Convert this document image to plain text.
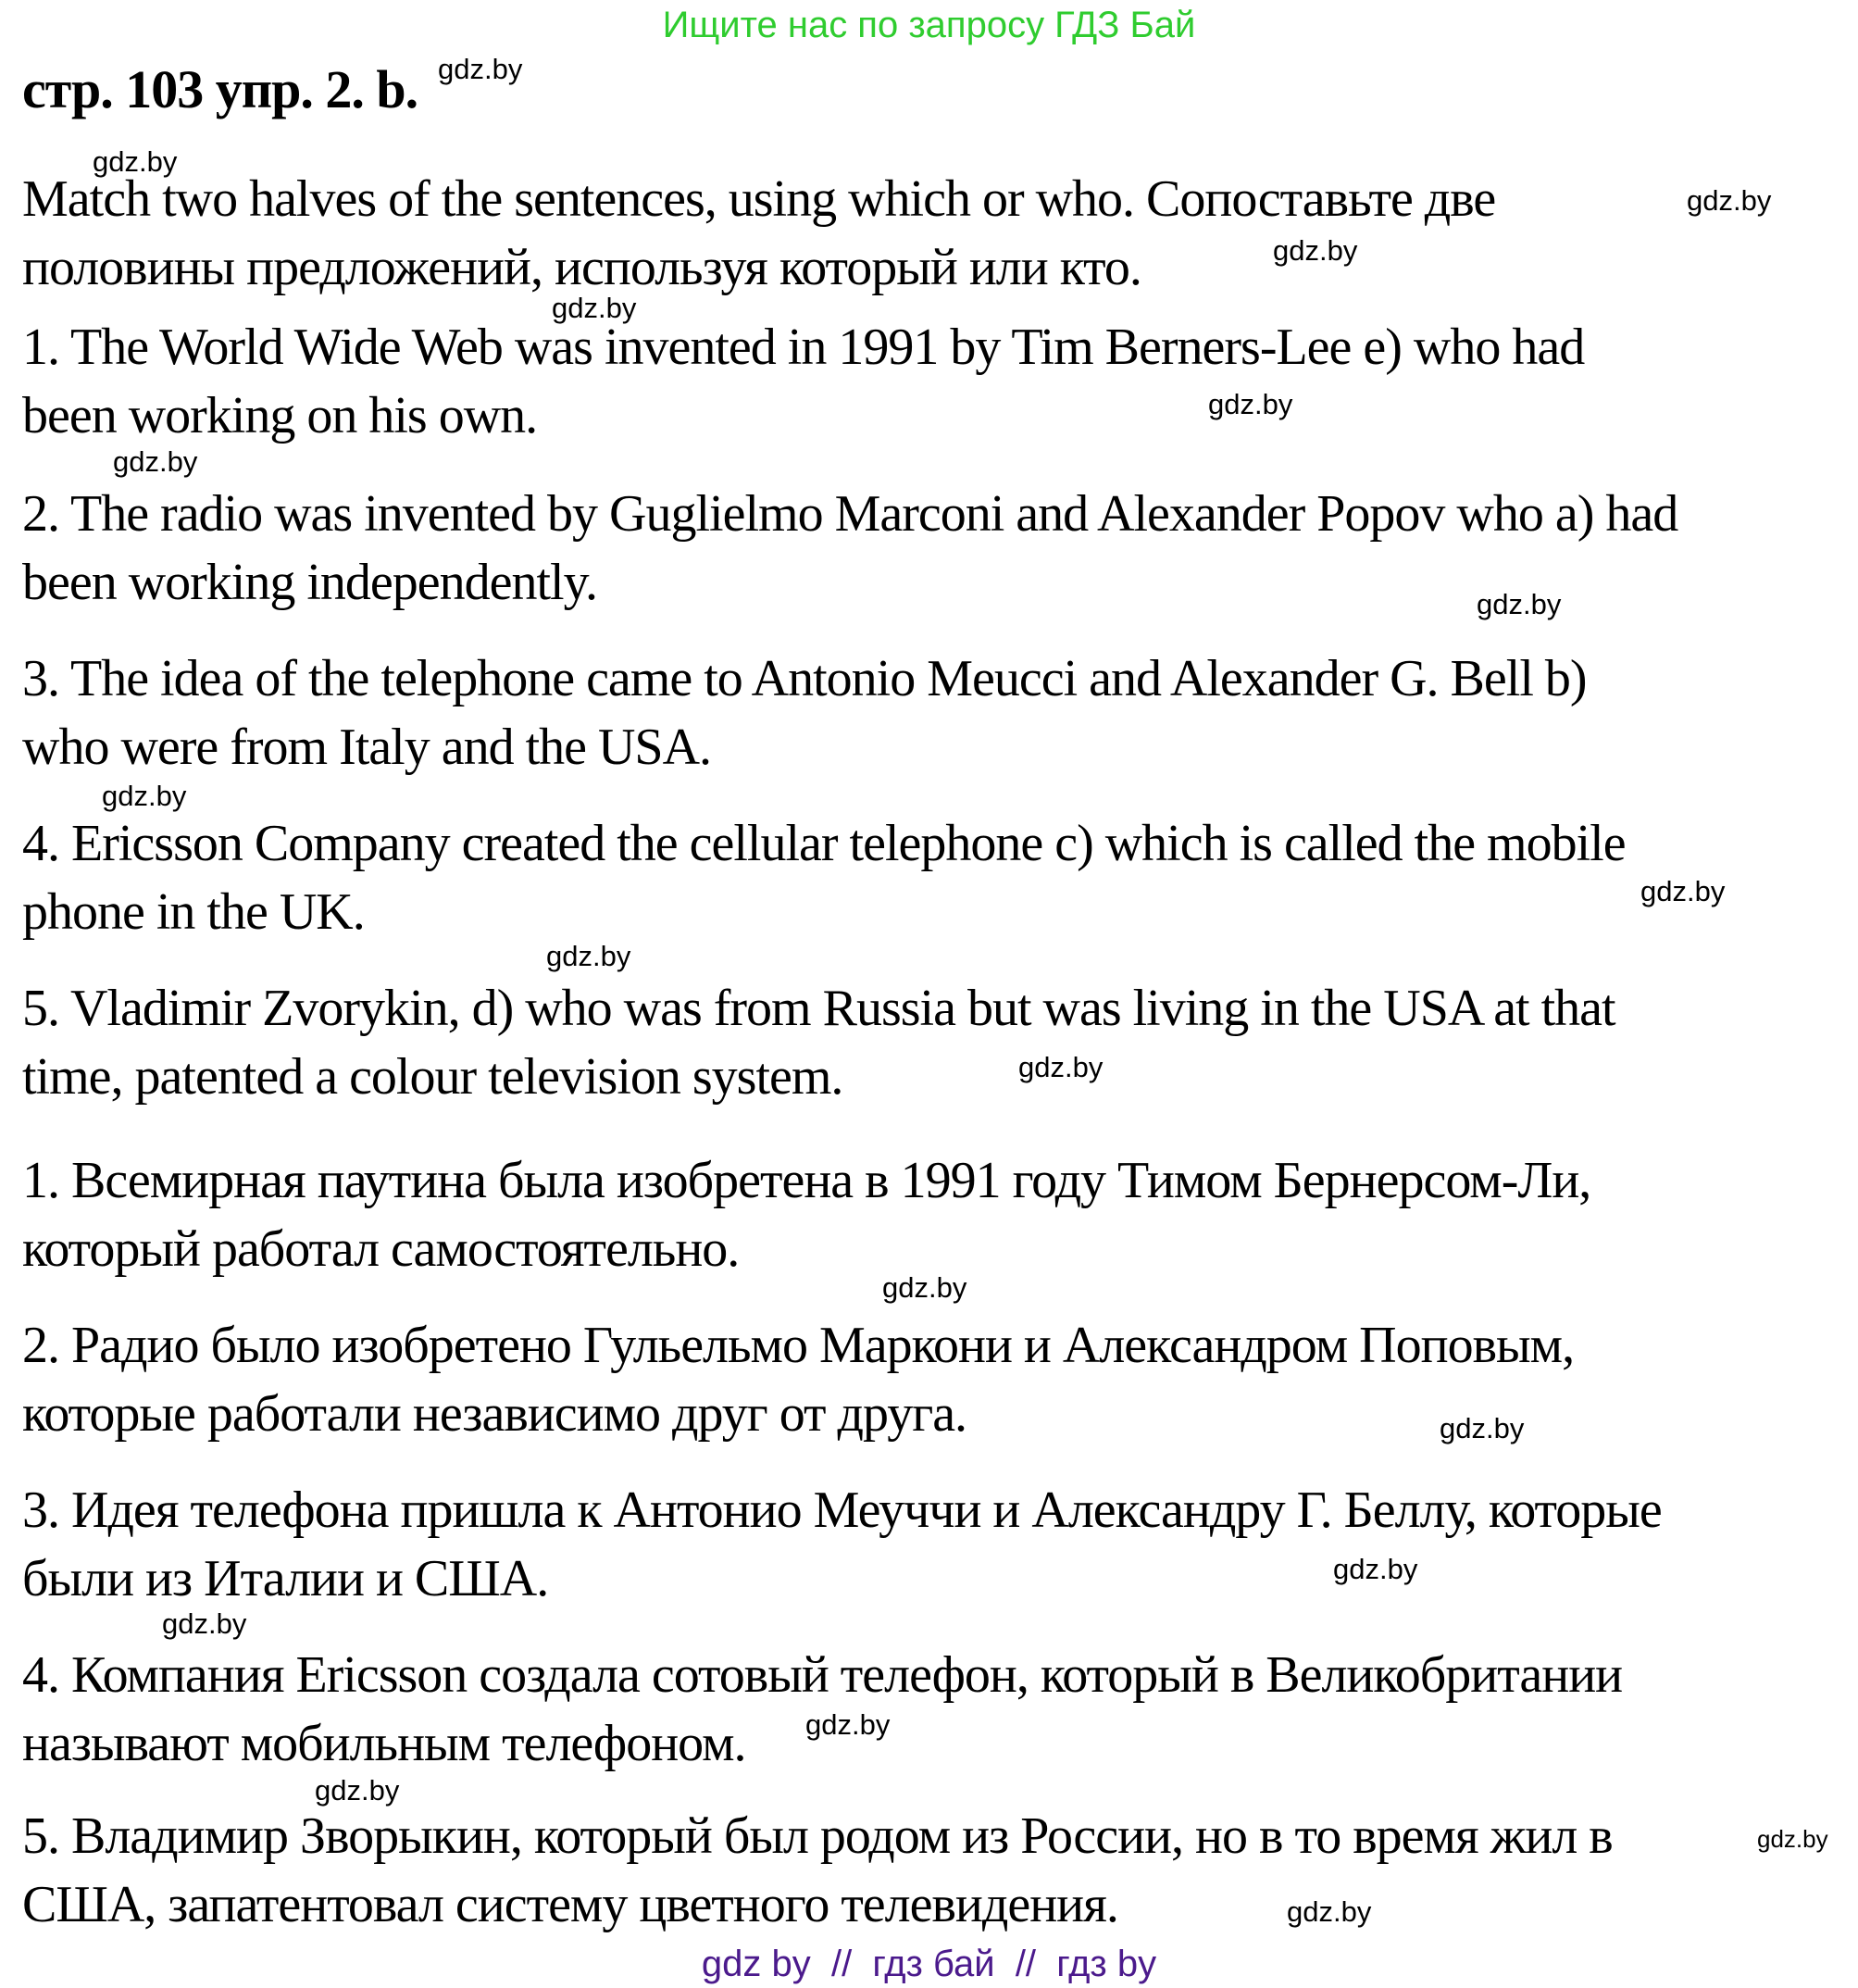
Ищите нас по запросу ГДЗ Бай
стр. 103 упр. 2. b. gdz.by
gdz.by
gdz.by
gdz.by
gdz.by
gdz.by
gdz.by
gdz.by
gdz.by
gdz.by
gdz.by
gdz.by
gdz.by
gdz.by
gdz.by
gdz.by
gdz.by
gdz.by
gdz.by
gdz.by
Match two halves of the sentences, using which or who. Сопоставьте две
половины предложений, используя который или кто.
1. The World Wide Web was invented in 1991 by Tim Berners-Lee e) who had
been working on his own.
2. The radio was invented by Guglielmo Marconi and Alexander Popov who a) had
been working independently.
3. The idea of the telephone came to Antonio Meucci and Alexander G. Bell b)
who were from Italy and the USA.
4. Ericsson Company created the cellular telephone c) which is called the mobile
phone in the UK.
5. Vladimir Zvorykin, d) who was from Russia but was living in the USA at that
time, patented a colour television system.
1. Всемирная паутина была изобретена в 1991 году Тимом Бернерсом-Ли,
который работал самостоятельно.
2. Радио было изобретено Гульельмо Маркони и Александром Поповым,
которые работали независимо друг от друга.
3. Идея телефона пришла к Антонио Меуччи и Александру Г. Беллу, которые
были из Италии и США.
4. Компания Ericsson создала сотовый телефон, который в Великобритании
называют мобильным телефоном.
5. Владимир Зворыкин, который был родом из России, но в то время жил в
США, запатентовал систему цветного телевидения.
gdz by  //  гдз бай  //  гдз by
